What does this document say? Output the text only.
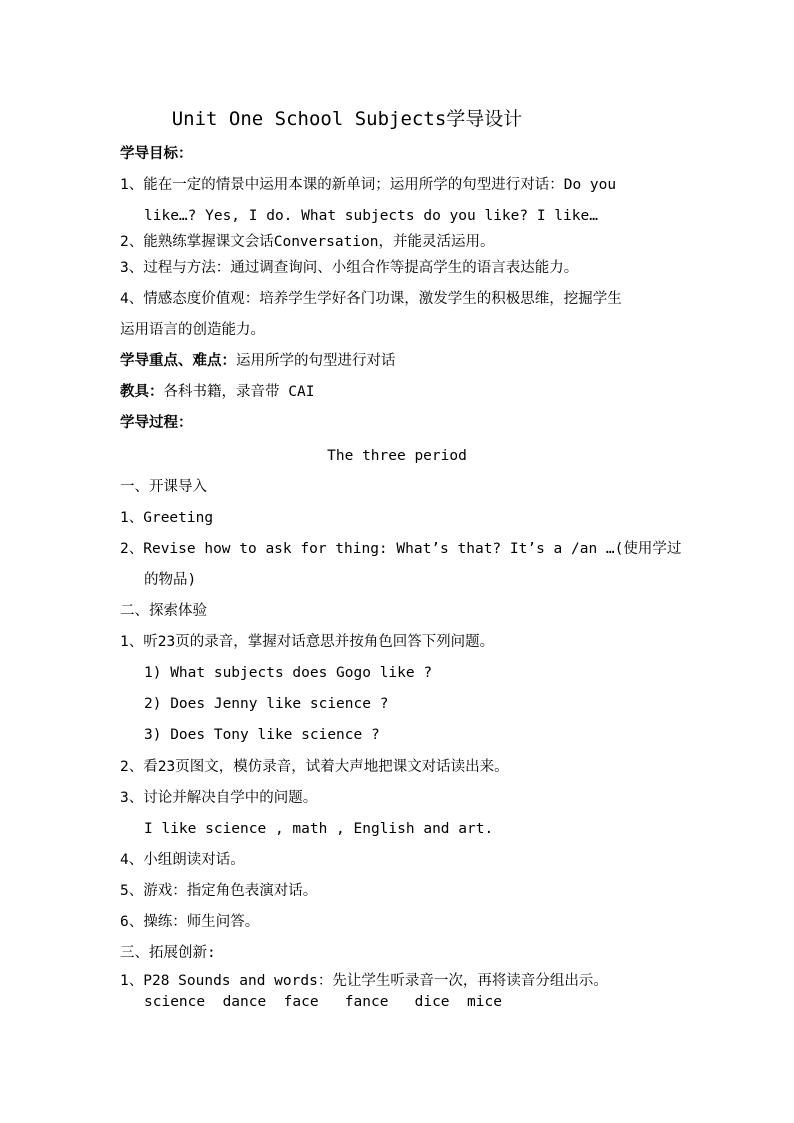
Unit One School Subjects学导设计
学导目标：
1、能在一定的情景中运用本课的新单词；运用所学的句型进行对话：Do you
like…? Yes, I do. What subjects do you like? I like…
2、能熟练掌握课文会话Conversation，并能灵活运用。
3、过程与方法：通过调查询问、小组合作等提高学生的语言表达能力。
4、情感态度价值观：培养学生学好各门功课，激发学生的积极思维，挖掘学生
运用语言的创造能力。
学导重点、难点：运用所学的句型进行对话
教具：各科书籍，录音带 CAI
学导过程：
The three period
一、开课导入
1、Greeting
2、Revise how to ask for thing: What’s that? It’s a /an …(使用学过
的物品)
二、探索体验
1、听23页的录音，掌握对话意思并按角色回答下列问题。
1) What subjects does Gogo like ?
2) Does Jenny like science ?
3) Does Tony like science ?
2、看23页图文，模仿录音，试着大声地把课文对话读出来。
3、讨论并解决自学中的问题。
I like science , math , English and art.
4、小组朗读对话。
5、游戏：指定角色表演对话。
6、操练：师生问答。
三、拓展创新:
1、P28 Sounds and words：先让学生听录音一次，再将读音分组出示。
science  dance  face   fance   dice  mice
